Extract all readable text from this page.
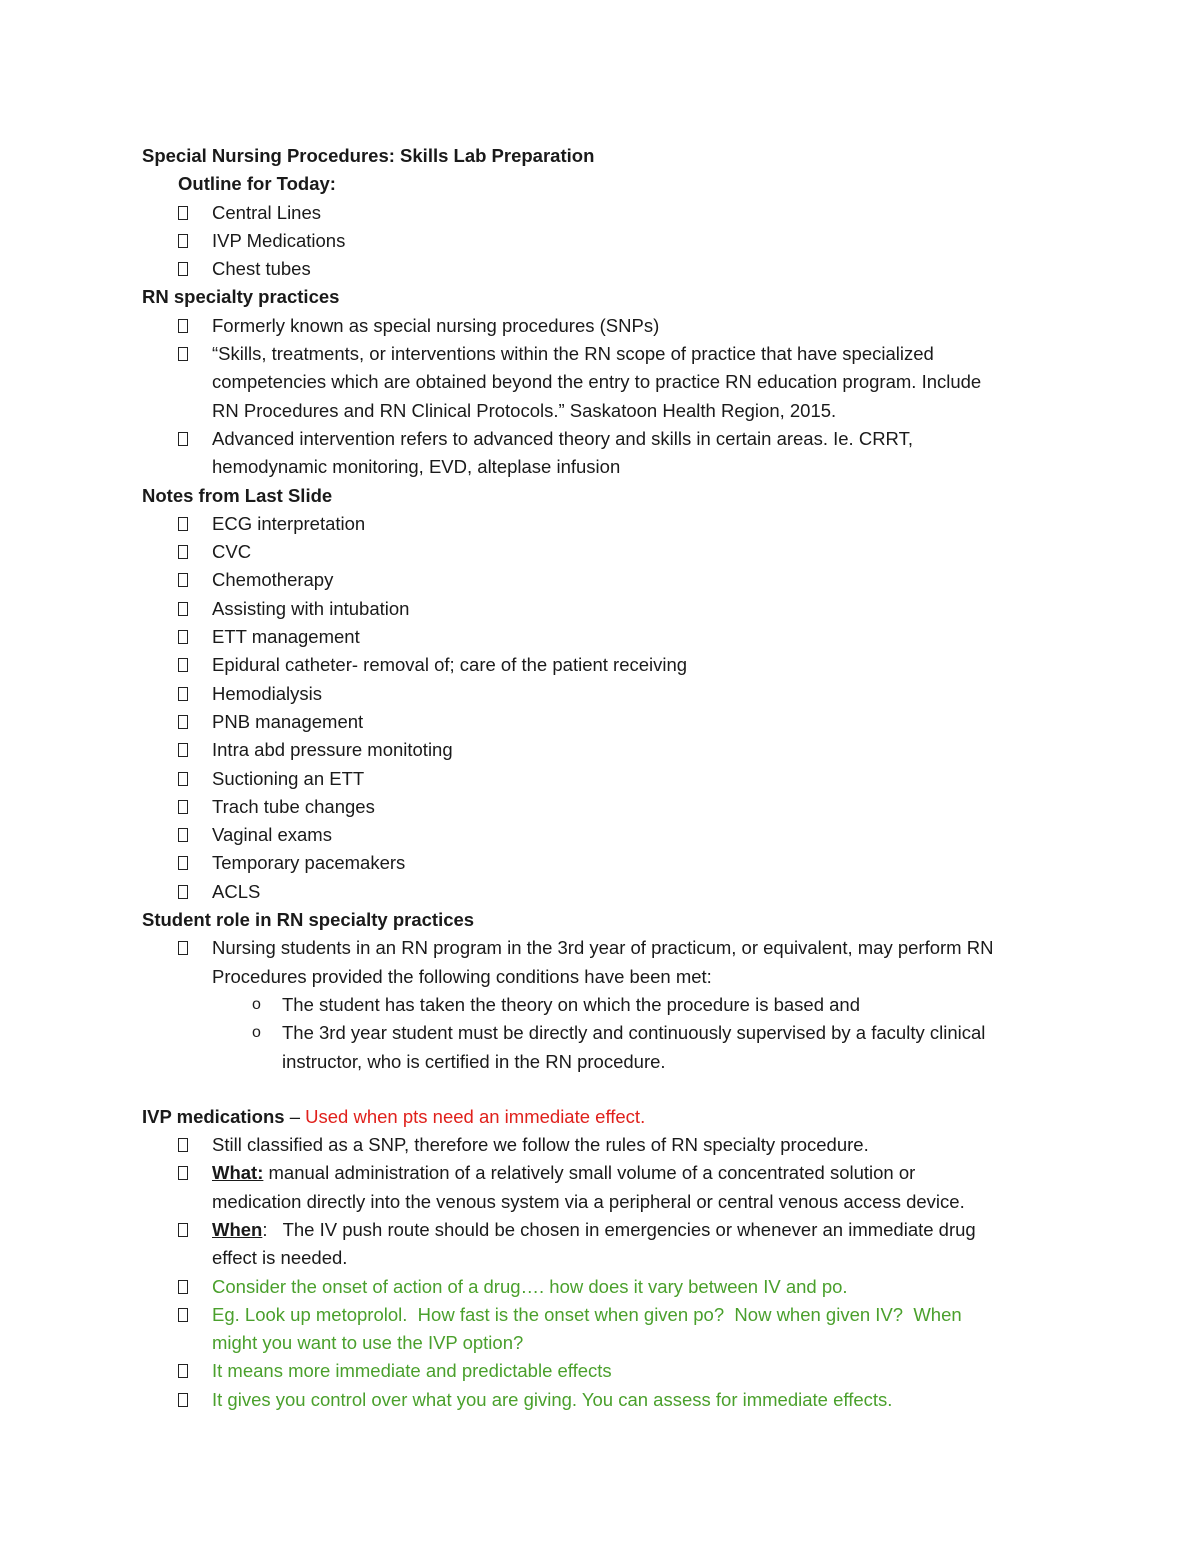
Special Nursing Procedures: Skills Lab Preparation
Outline for Today:
Central Lines
IVP Medications
Chest tubes
RN specialty practices
Formerly known as special nursing procedures (SNPs)
“Skills, treatments, or interventions within the RN scope of practice that have specialized
competencies which are obtained beyond the entry to practice RN education program. Include
RN Procedures and RN Clinical Protocols.” Saskatoon Health Region, 2015.
Advanced intervention refers to advanced theory and skills in certain areas. Ie. CRRT,
hemodynamic monitoring, EVD, alteplase infusion
Notes from Last Slide
ECG interpretation
CVC
Chemotherapy
Assisting with intubation
ETT management
Epidural catheter- removal of; care of the patient receiving
Hemodialysis
PNB management
Intra abd pressure monitoting
Suctioning an ETT
Trach tube changes
Vaginal exams
Temporary pacemakers
ACLS
Student role in RN specialty practices
Nursing students in an RN program in the 3rd year of practicum, or equivalent, may perform RN
Procedures provided the following conditions have been met:
o The student has taken the theory on which the procedure is based and
o The 3rd year student must be directly and continuously supervised by a faculty clinical
instructor, who is certified in the RN procedure.
IVP medications – Used when pts need an immediate effect.
Still classified as a SNP, therefore we follow the rules of RN specialty procedure.
What: manual administration of a relatively small volume of a concentrated solution or
medication directly into the venous system via a peripheral or central venous access device.
When:   The IV push route should be chosen in emergencies or whenever an immediate drug
effect is needed.
Consider the onset of action of a drug…. how does it vary between IV and po.
Eg. Look up metoprolol.  How fast is the onset when given po?  Now when given IV?  When
might you want to use the IVP option?
It means more immediate and predictable effects
It gives you control over what you are giving. You can assess for immediate effects.
